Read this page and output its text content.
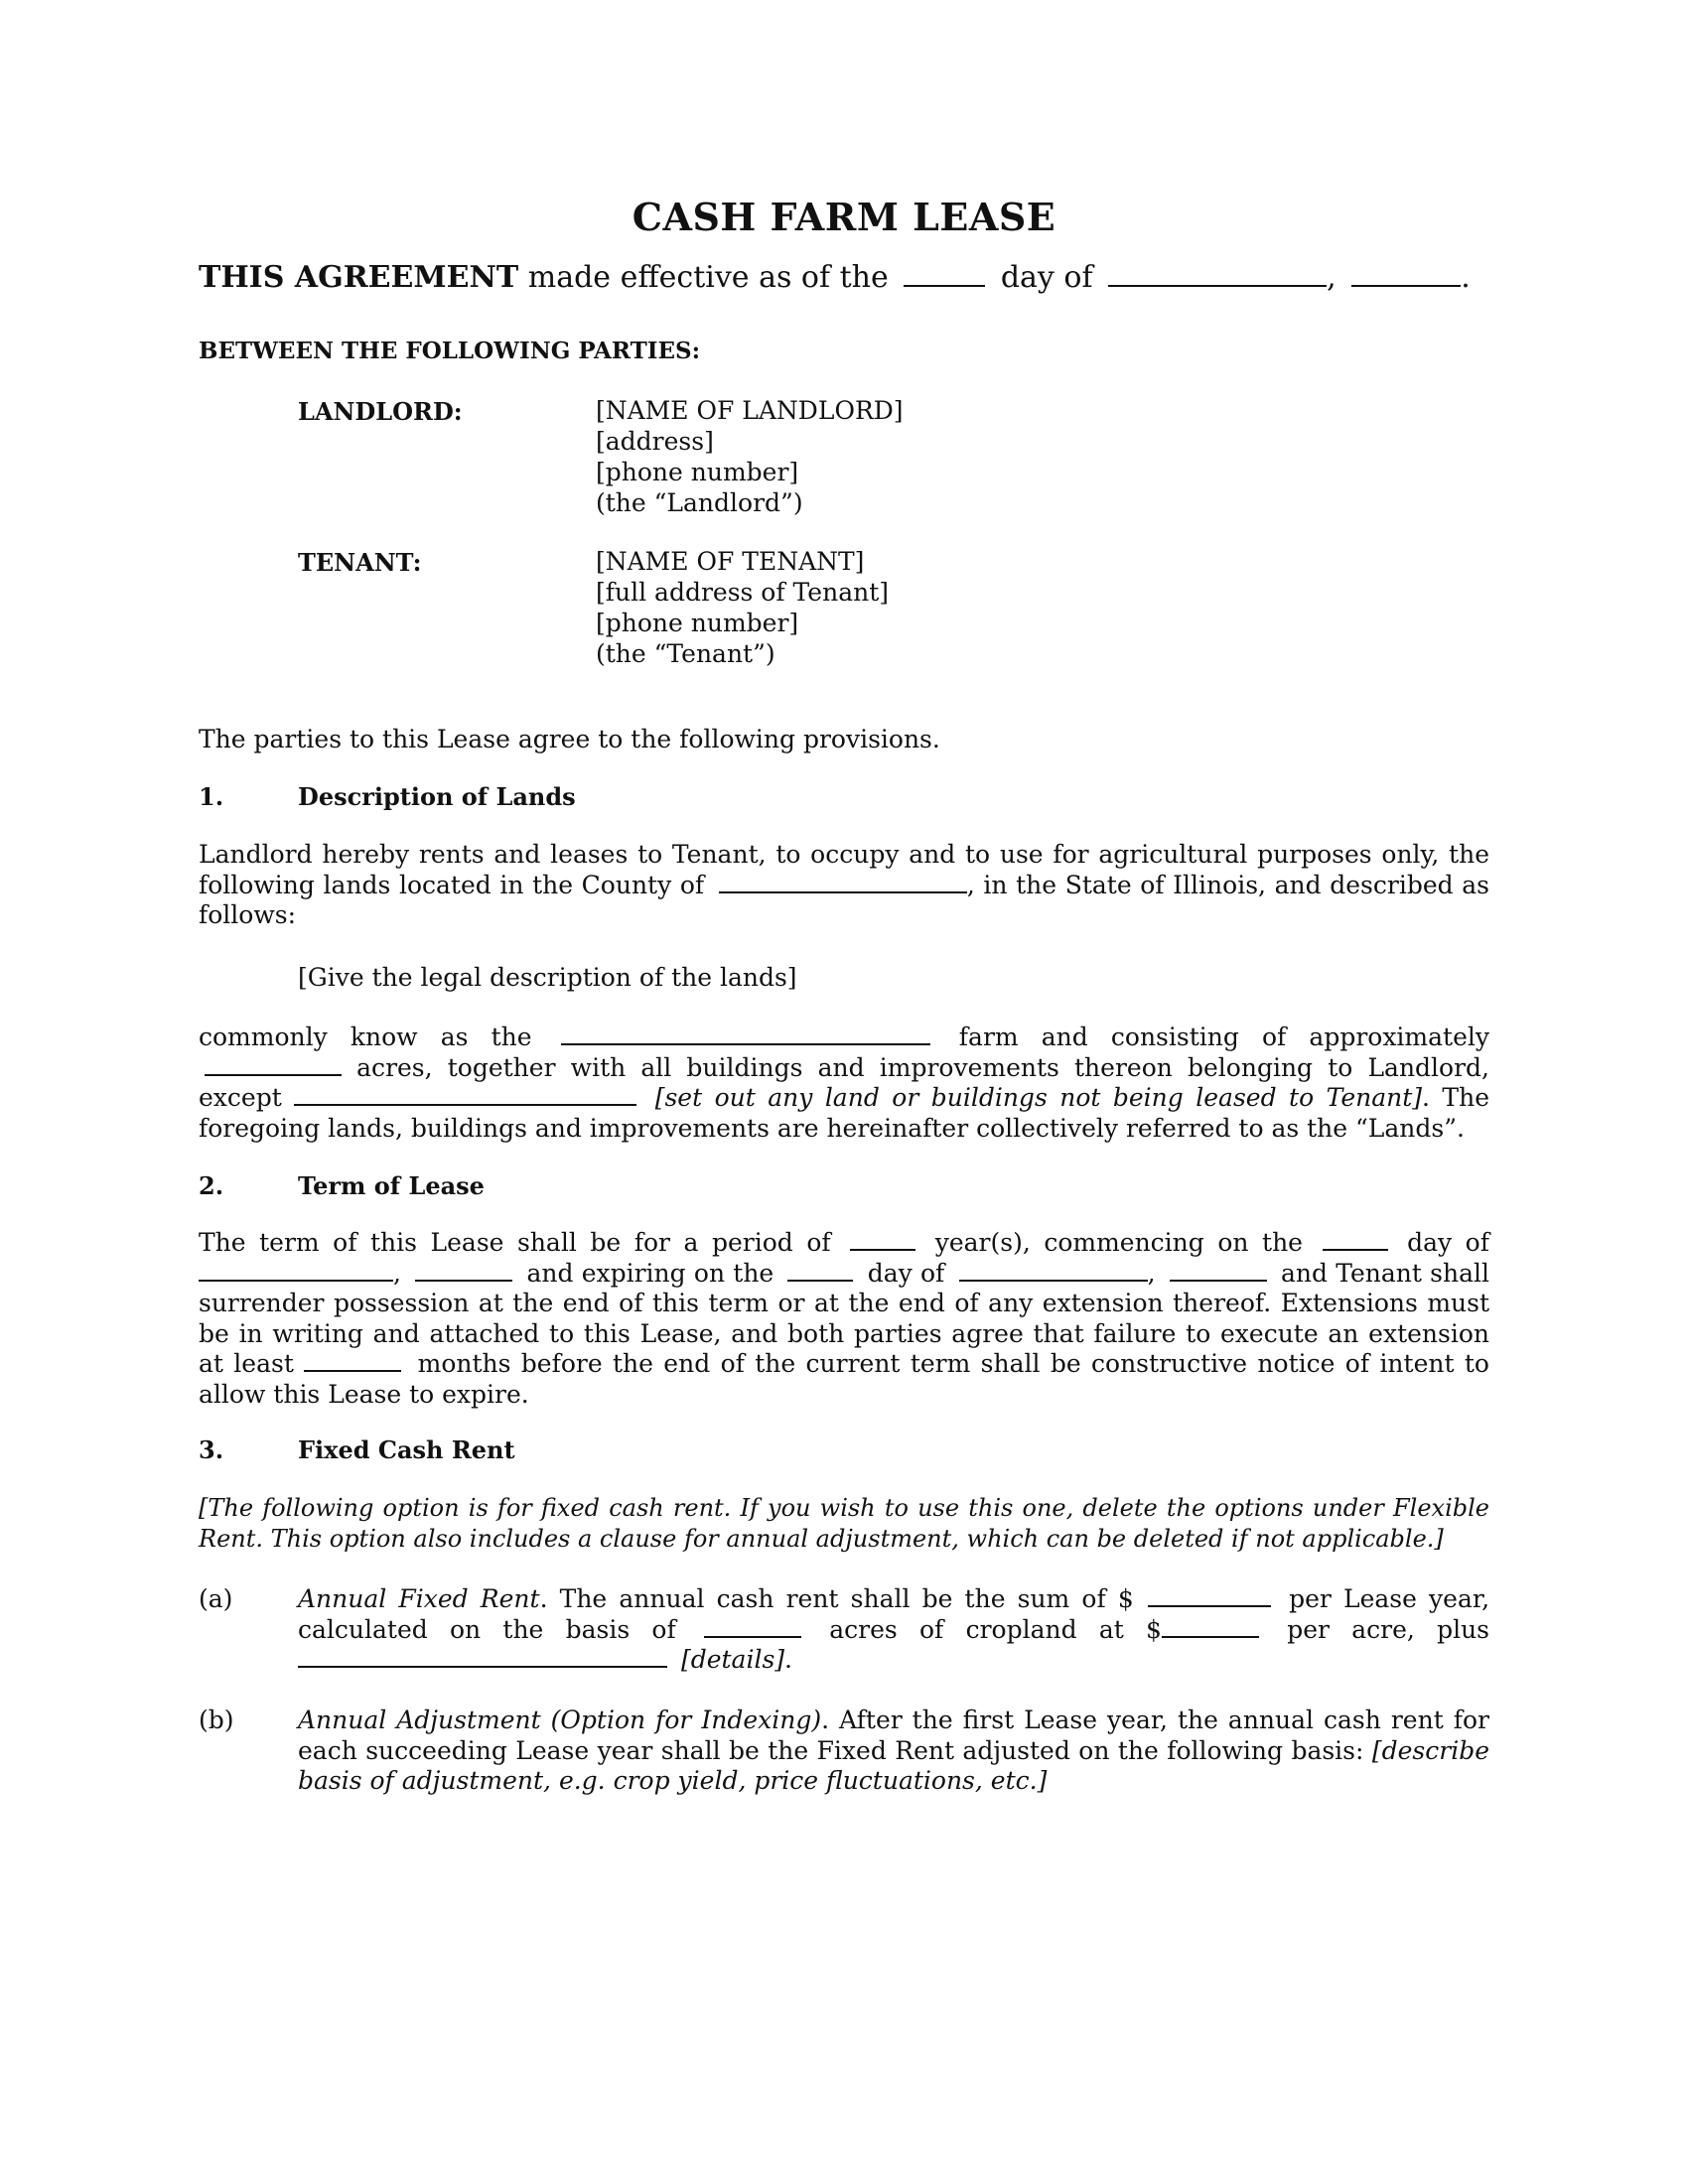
CASH FARM LEASE
THIS AGREEMENT made effective as of the	day of	,	.
BETWEEN THE FOLLOWING PARTIES:
LANDLORD:	[NAME OF LANDLORD]
[address]
[phone number]
(the “Landlord”)
TENANT:	[NAME OF TENANT]
[full address of Tenant]
[phone number]
(the “Tenant”)
The parties to this Lease agree to the following provisions.
1.	Description of Lands
Landlord hereby rents and leases to Tenant, to occupy and to use for agricultural purposes only, the following lands located in the County of	, in the State of Illinois, and described as follows:
[Give the legal description of the lands]
commonly know as the	farm and consisting of approximately  acres, together with all buildings and improvements thereon belonging to Landlord, except	[set out any land or buildings not being leased to Tenant]. The foregoing lands, buildings and improvements are hereinafter collectively referred to as the “Lands”.
2.	Term of Lease
The term of this Lease shall be for a period of	year(s), commencing on the	day of ,	and expiring on the	day of	,	and Tenant shall surrender possession at the end of this term or at the end of any extension thereof. Extensions must be in writing and attached to this Lease, and both parties agree that failure to execute an extension at least	months before the end of the current term shall be constructive notice of intent to allow this Lease to expire.
3.	Fixed Cash Rent
[The following option is for fixed cash rent. If you wish to use this one, delete the options under Flexible Rent. This option also includes a clause for annual adjustment, which can be deleted if not applicable.]
(a)	Annual Fixed Rent. The annual cash rent shall be the sum of $	per Lease year, calculated on the basis of	acres of cropland at $	per acre, plus  [details].
(b)	Annual Adjustment (Option for Indexing). After the first Lease year, the annual cash rent for each succeeding Lease year shall be the Fixed Rent adjusted on the following basis: [describe basis of adjustment, e.g. crop yield, price fluctuations, etc.]
